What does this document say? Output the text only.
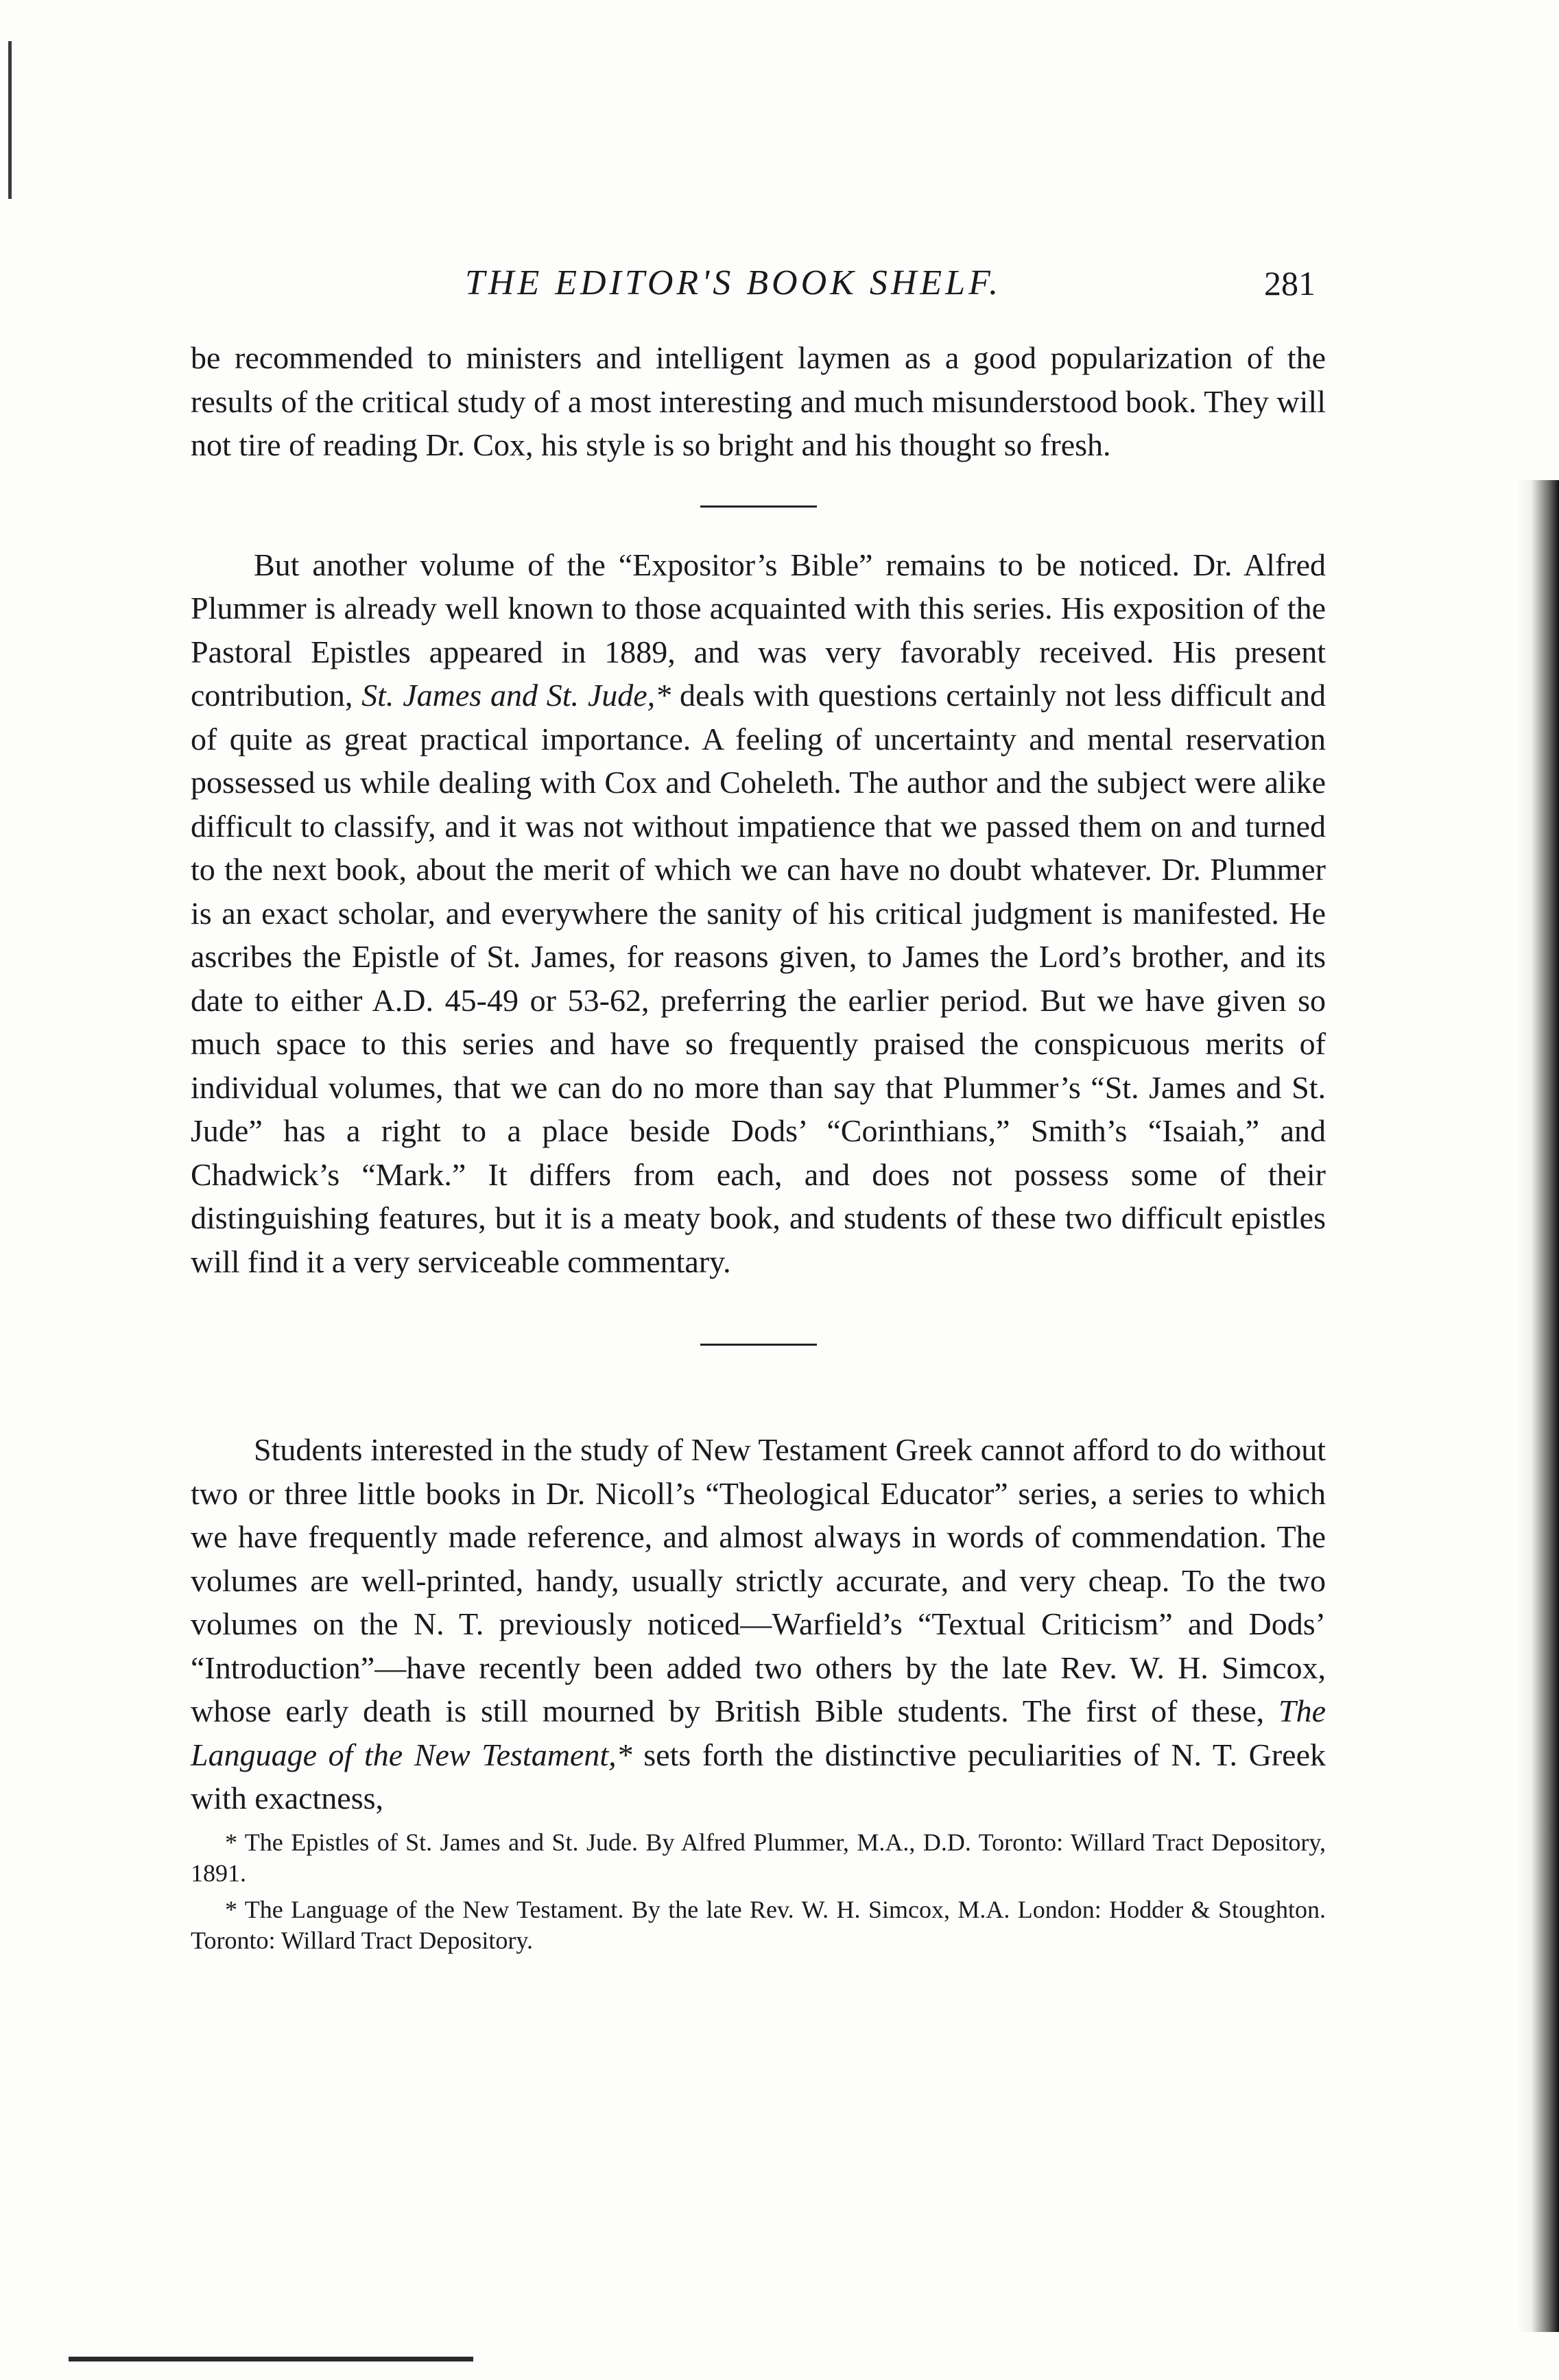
THE EDITOR'S BOOK SHELF.	281

be recommended to ministers and intelligent laymen as a good popularization of the results of the critical study of a most interesting and much misunderstood book. They will not tire of reading Dr. Cox, his style is so bright and his thought so fresh.

But another volume of the “Expositor’s Bible” remains to be noticed. Dr. Alfred Plummer is already well known to those acquainted with this series. His exposition of the Pastoral Epistles appeared in 1889, and was very favorably received. His present contribution, St. James and St. Jude,* deals with questions certainly not less difficult and of quite as great practical importance. A feeling of uncertainty and mental reservation possessed us while dealing with Cox and Coheleth. The author and the subject were alike difficult to classify, and it was not without impatience that we passed them on and turned to the next book, about the merit of which we can have no doubt whatever. Dr. Plummer is an exact scholar, and everywhere the sanity of his critical judgment is manifested. He ascribes the Epistle of St. James, for reasons given, to James the Lord’s brother, and its date to either A.D. 45-49 or 53-62, preferring the earlier period. But we have given so much space to this series and have so frequently praised the conspicuous merits of individual volumes, that we can do no more than say that Plummer’s “St. James and St. Jude” has a right to a place beside Dods’ “Corinthians,” Smith’s “Isaiah,” and Chadwick’s “Mark.” It differs from each, and does not possess some of their distinguishing features, but it is a meaty book, and students of these two difficult epistles will find it a very serviceable commentary.

Students interested in the study of New Testament Greek cannot afford to do without two or three little books in Dr. Nicoll’s “Theological Educator” series, a series to which we have frequently made reference, and almost always in words of commendation. The volumes are well-printed, handy, usually strictly accurate, and very cheap. To the two volumes on the N. T. previously noticed—Warfield’s “Textual Criticism” and Dods’ “Introduction”—have recently been added two others by the late Rev. W. H. Simcox, whose early death is still mourned by British Bible students. The first of these, The Language of the New Testament,* sets forth the distinctive peculiarities of N. T. Greek with exactness,

* The Epistles of St. James and St. Jude. By Alfred Plummer, M.A., D.D. Toronto: Willard Tract Depository, 1891.

* The Language of the New Testament. By the late Rev. W. H. Simcox, M.A. London: Hodder & Stoughton. Toronto: Willard Tract Depository.
